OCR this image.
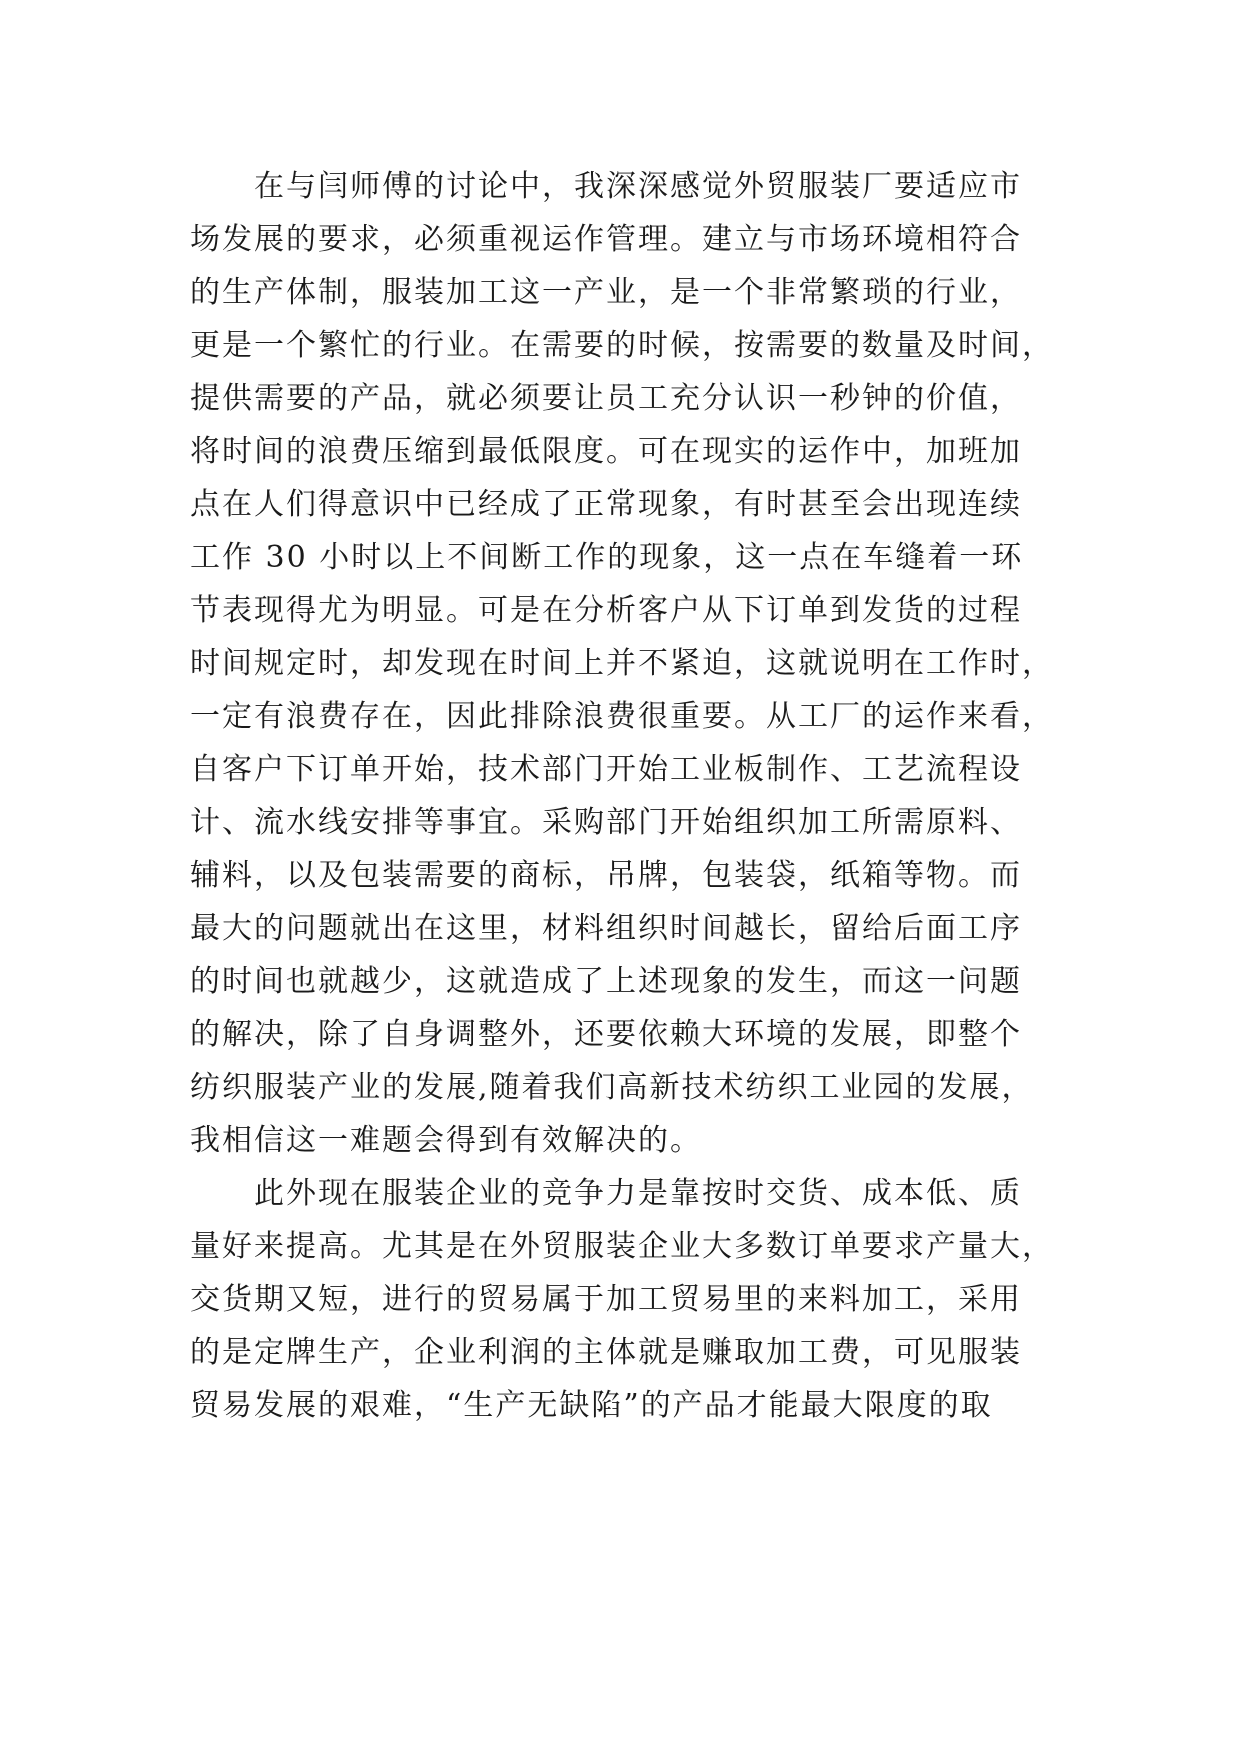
在与闫师傅的讨论中，我深深感觉外贸服装厂要适应市
场发展的要求，必须重视运作管理。建立与市场环境相符合
的生产体制，服装加工这一产业，是一个非常繁琐的行业，
更是一个繁忙的行业。在需要的时候，按需要的数量及时间，
提供需要的产品，就必须要让员工充分认识一秒钟的价值，
将时间的浪费压缩到最低限度。可在现实的运作中，加班加
点在人们得意识中已经成了正常现象，有时甚至会出现连续
工作 30 小时以上不间断工作的现象，这一点在车缝着一环
节表现得尤为明显。可是在分析客户从下订单到发货的过程
时间规定时，却发现在时间上并不紧迫，这就说明在工作时，
一定有浪费存在，因此排除浪费很重要。从工厂的运作来看，
自客户下订单开始，技术部门开始工业板制作、工艺流程设
计、流水线安排等事宜。采购部门开始组织加工所需原料、
辅料，以及包装需要的商标，吊牌，包装袋，纸箱等物。而
最大的问题就出在这里，材料组织时间越长，留给后面工序
的时间也就越少，这就造成了上述现象的发生，而这一问题
的解决，除了自身调整外，还要依赖大环境的发展，即整个
纺织服装产业的发展,随着我们高新技术纺织工业园的发展，
我相信这一难题会得到有效解决的。
此外现在服装企业的竞争力是靠按时交货、成本低、质
量好来提高。尤其是在外贸服装企业大多数订单要求产量大，
交货期又短，进行的贸易属于加工贸易里的来料加工，采用
的是定牌生产，企业利润的主体就是赚取加工费，可见服装
贸易发展的艰难，“生产无缺陷”的产品才能最大限度的取
